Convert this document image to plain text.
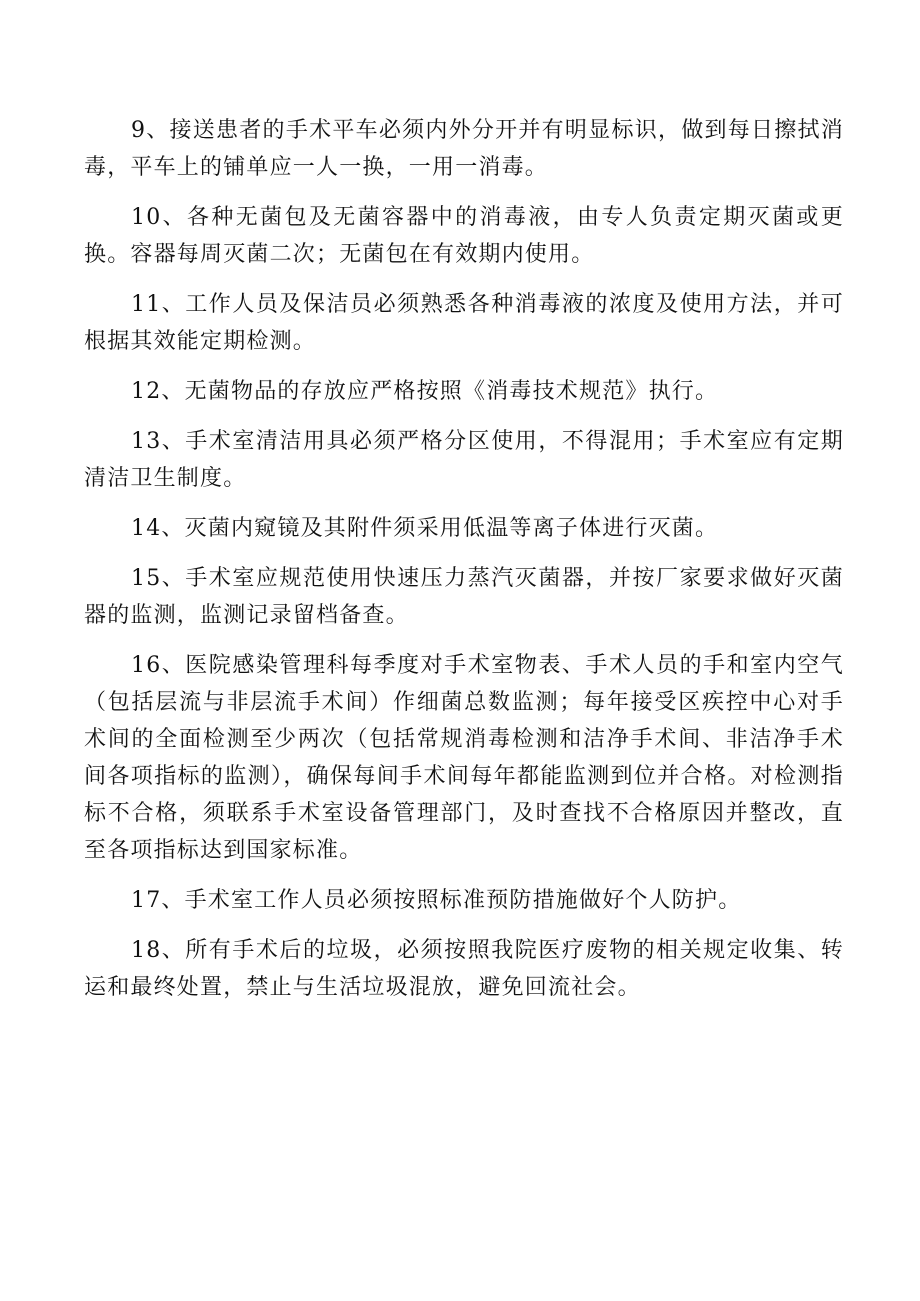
9、接送患者的手术平车必须内外分开并有明显标识，做到每日擦拭消毒，平车上的铺单应一人一换，一用一消毒。

10、各种无菌包及无菌容器中的消毒液，由专人负责定期灭菌或更换。容器每周灭菌二次；无菌包在有效期内使用。

11、工作人员及保洁员必须熟悉各种消毒液的浓度及使用方法，并可根据其效能定期检测。

12、无菌物品的存放应严格按照《消毒技术规范》执行。

13、手术室清洁用具必须严格分区使用，不得混用；手术室应有定期清洁卫生制度。

14、灭菌内窥镜及其附件须采用低温等离子体进行灭菌。

15、手术室应规范使用快速压力蒸汽灭菌器，并按厂家要求做好灭菌器的监测，监测记录留档备查。

16、医院感染管理科每季度对手术室物表、手术人员的手和室内空气（包括层流与非层流手术间）作细菌总数监测；每年接受区疾控中心对手术间的全面检测至少两次（包括常规消毒检测和洁净手术间、非洁净手术间各项指标的监测），确保每间手术间每年都能监测到位并合格。对检测指标不合格，须联系手术室设备管理部门，及时查找不合格原因并整改，直至各项指标达到国家标准。

17、手术室工作人员必须按照标准预防措施做好个人防护。

18、所有手术后的垃圾，必须按照我院医疗废物的相关规定收集、转运和最终处置，禁止与生活垃圾混放，避免回流社会。
